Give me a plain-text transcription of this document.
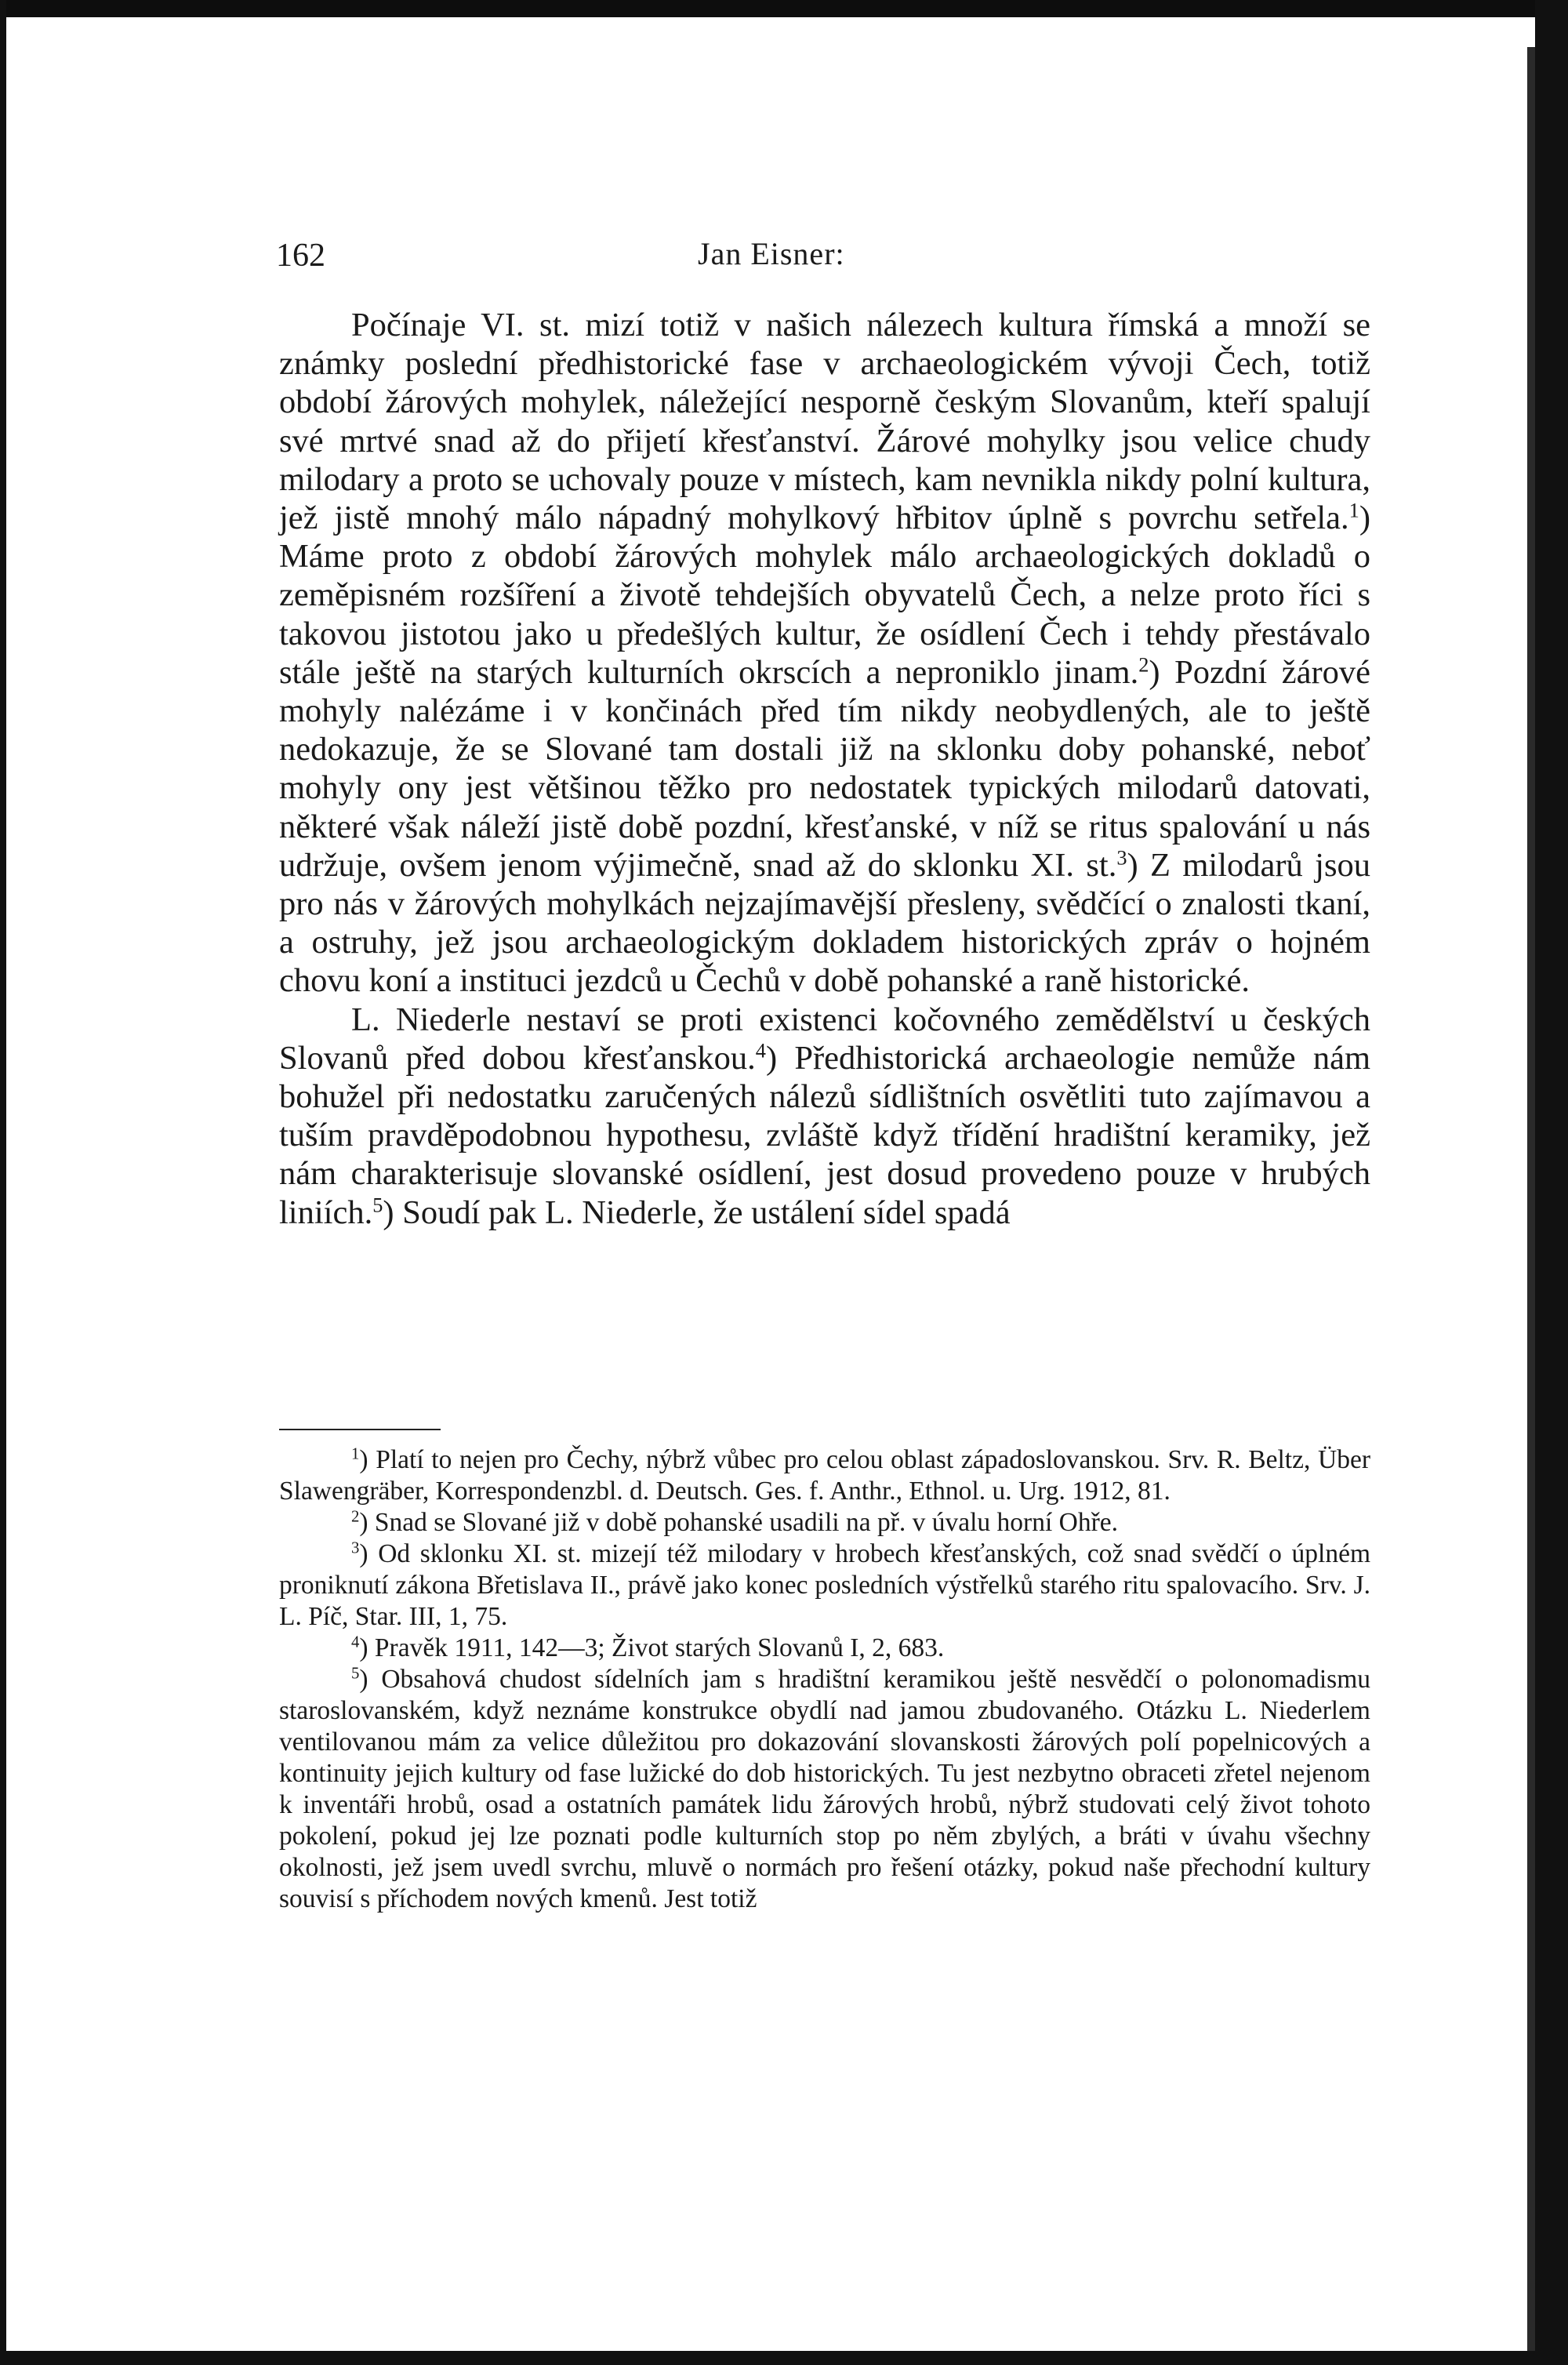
162	Jan Eisner:

Počínaje VI. st. mizí totiž v našich nálezech kultura římská a množí se známky poslední předhistorické fase v archaeologickém vývoji Čech, totiž období žárových mohylek, náležející nesporně českým Slovanům, kteří spalují své mrtvé snad až do přijetí křesťanství. Žárové mohylky jsou velice chudy milodary a proto se uchovaly pouze v místech, kam nevnikla nikdy polní kultura, jež jistě mnohý málo nápadný mohylkový hřbitov úplně s povrchu setřela.$^1$) Máme proto z období žárových mohylek málo archaeologických dokladů o zeměpisném rozšíření a životě tehdejších obyvatelů Čech, a nelze proto říci s takovou jistotou jako u předešlých kultur, že osídlení Čech i tehdy přestávalo stále ještě na starých kulturních okrscích a neproniklo jinam.$^2$) Pozdní žárové mohyly nalézáme i v končinách před tím nikdy neobydlených, ale to ještě nedokazuje, že se Slované tam dostali již na sklonku doby pohanské, neboť mohyly ony jest většinou těžko pro nedostatek typických milodarů datovati, některé však náleží jistě době pozdní, křesťanské, v níž se ritus spalování u nás udržuje, ovšem jenom výjimečně, snad až do sklonku XI. st.$^3$) Z milodarů jsou pro nás v žárových mohylkách nejzajímavější přesleny, svědčící o znalosti tkaní, a ostruhy, jež jsou archaeologickým dokladem historických zpráv o hojném chovu koní a instituci jezdců u Čechů v době pohanské a raně historické.

L. Niederle nestaví se proti existenci kočovného zemědělství u českých Slovanů před dobou křesťanskou.$^4$) Předhistorická archaeologie nemůže nám bohužel při nedostatku zaručených nálezů sídlištních osvětliti tuto zajímavou a tuším pravděpodobnou hypothesu, zvláště když třídění hradištní keramiky, jež nám charakterisuje slovanské osídlení, jest dosud provedeno pouze v hrubých liniích.$^5$) Soudí pak L. Niederle, že ustálení sídel spadá

$^1$) Platí to nejen pro Čechy, nýbrž vůbec pro celou oblast západoslovanskou. Srv. R. Beltz, Über Slawengräber, Korrespondenzbl. d. Deutsch. Ges. f. Anthr., Ethnol. u. Urg. 1912, 81.

$^2$) Snad se Slované již v době pohanské usadili na př. v úvalu horní Ohře.

$^3$) Od sklonku XI. st. mizejí též milodary v hrobech křesťanských, což snad svědčí o úplném proniknutí zákona Břetislava II., právě jako konec posledních výstřelků starého ritu spalovacího. Srv. J. L. Píč, Star. III, 1, 75.

$^4$) Pravěk 1911, 142—3; Život starých Slovanů I, 2, 683.

$^5$) Obsahová chudost sídelních jam s hradištní keramikou ještě nesvědčí o polonomadismu staroslovanském, když neznáme konstrukce obydlí nad jamou zbudovaného. Otázku L. Niederlem ventilovanou mám za velice důležitou pro dokazování slovanskosti žárových polí popelnicových a kontinuity jejich kultury od fase lužické do dob historických. Tu jest nezbytno obraceti zřetel nejenom k inventáři hrobů, osad a ostatních památek lidu žárových hrobů, nýbrž studovati celý život tohoto pokolení, pokud jej lze poznati podle kulturních stop po něm zbylých, a bráti v úvahu všechny okolnosti, jež jsem uvedl svrchu, mluvě o normách pro řešení otázky, pokud naše přechodní kultury souvisí s příchodem nových kmenů. Jest totiž
